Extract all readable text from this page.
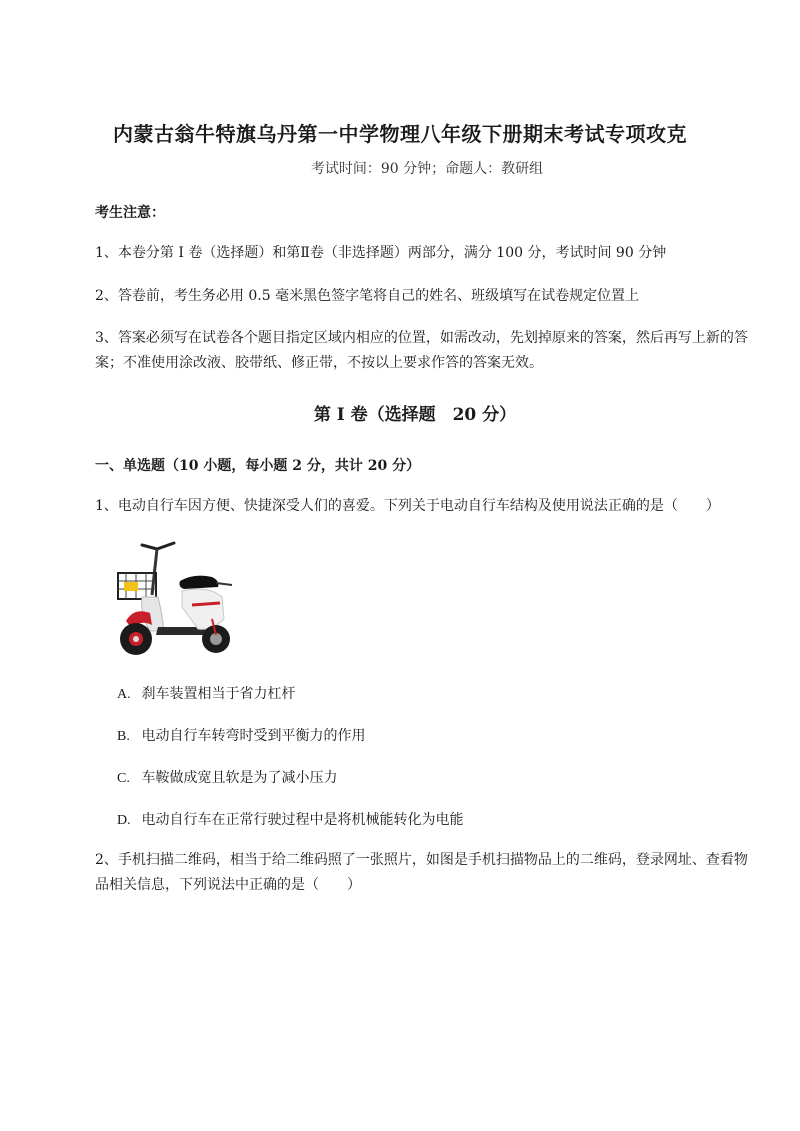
内蒙古翁牛特旗乌丹第一中学物理八年级下册期末考试专项攻克
考试时间：90 分钟；命题人：教研组
考生注意：
1、本卷分第 I 卷（选择题）和第Ⅱ卷（非选择题）两部分，满分 100 分，考试时间 90 分钟
2、答卷前，考生务必用 0.5 毫米黑色签字笔将自己的姓名、班级填写在试卷规定位置上
3、答案必须写在试卷各个题目指定区域内相应的位置，如需改动，先划掉原来的答案，然后再写上新的答案；不准使用涂改液、胶带纸、修正带，不按以上要求作答的答案无效。
第 I 卷（选择题　20 分）
一、单选题（10 小题，每小题 2 分，共计 20 分）
1、电动自行车因方便、快捷深受人们的喜爱。下列关于电动自行车结构及使用说法正确的是（　　）
A. 刹车装置相当于省力杠杆
B. 电动自行车转弯时受到平衡力的作用
C. 车鞍做成宽且软是为了减小压力
D. 电动自行车在正常行驶过程中是将机械能转化为电能
2、手机扫描二维码，相当于给二维码照了一张照片，如图是手机扫描物品上的二维码，登录网址、查看物品相关信息，下列说法中正确的是（　　）
